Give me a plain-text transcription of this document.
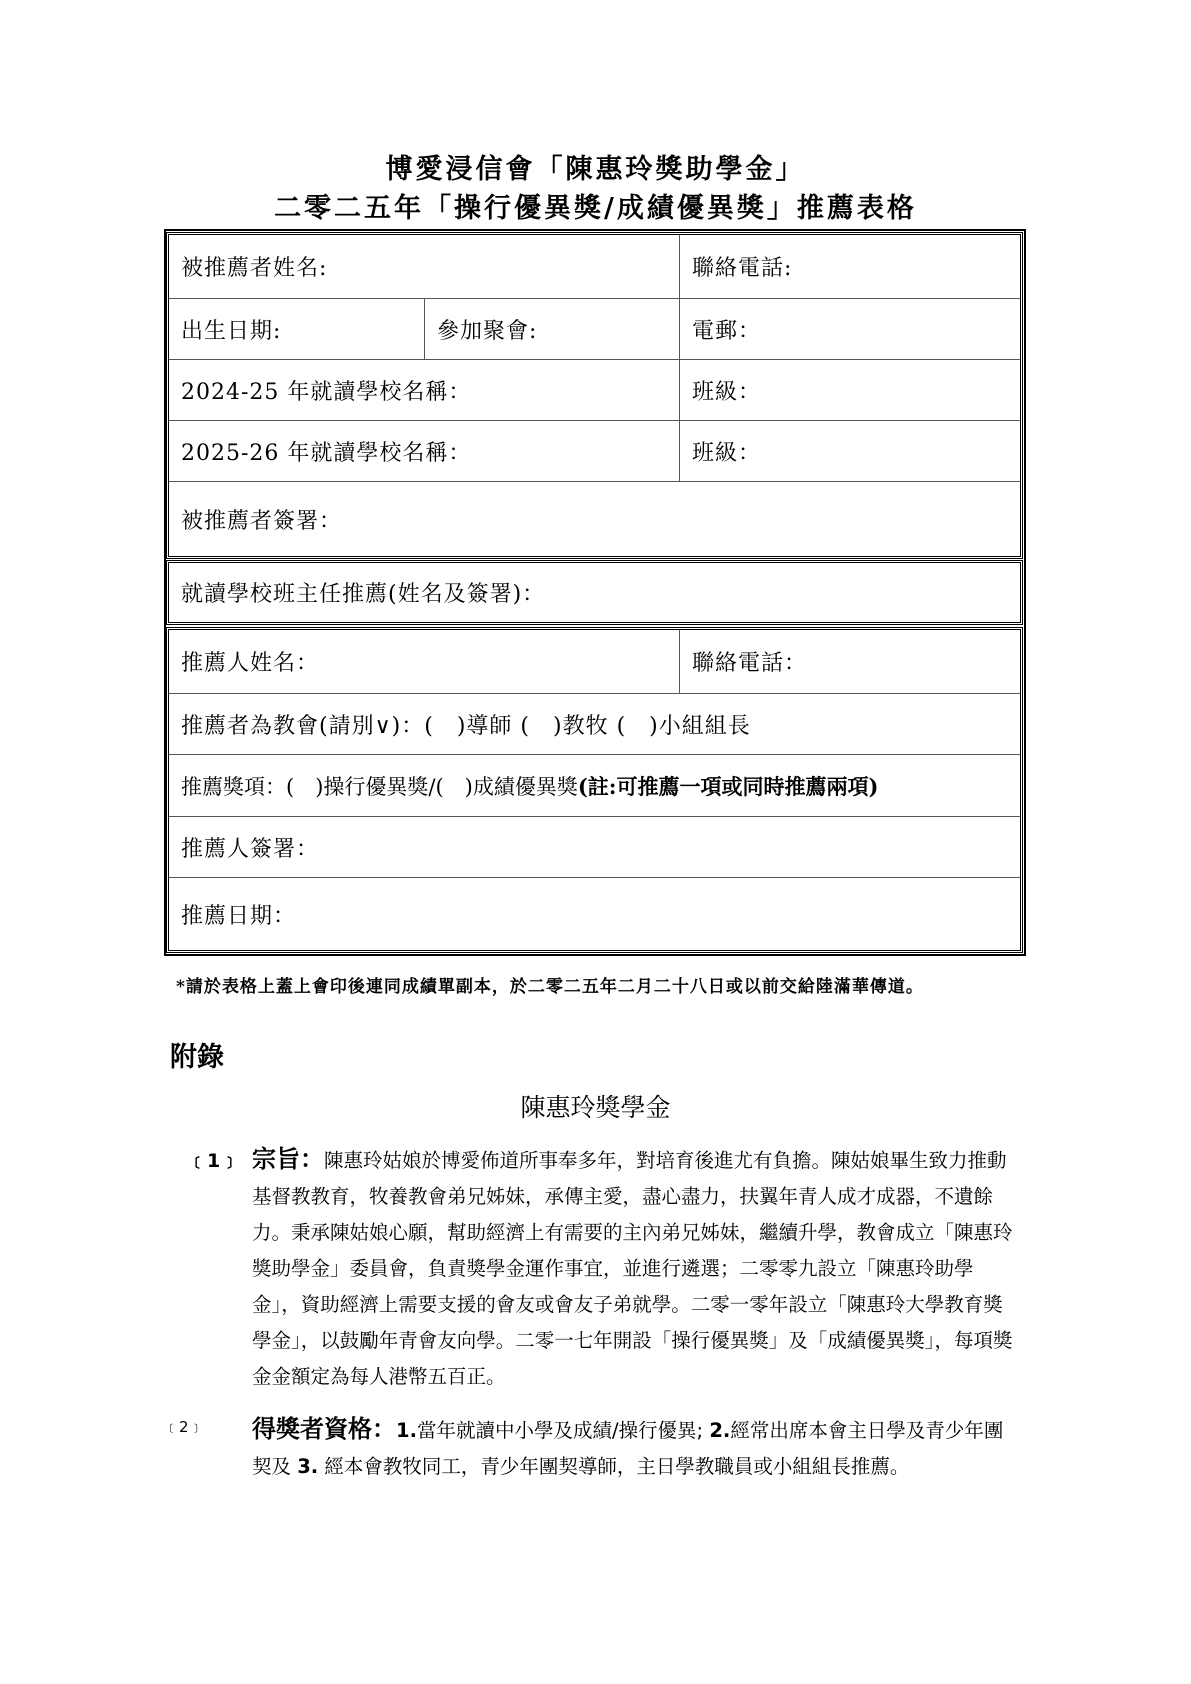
博愛浸信會「陳惠玲獎助學金」
二零二五年「操行優異獎/成績優異獎」推薦表格
被推薦者姓名:	聯絡電話:
出生日期:	參加聚會:	電郵：
2024-25 年就讀學校名稱：	班級：
2025-26 年就讀學校名稱：	班級：
被推薦者簽署：
就讀學校班主任推薦(姓名及簽署)：
推薦人姓名：	聯絡電話：
推薦者為教會(請別∨)：(　)導師 (　)教牧 (　)小組組長
推薦獎項：(　)操行優異獎/(　)成績優異獎 (註:可推薦一項或同時推薦兩項)
推薦人簽署：
推薦日期：
*請於表格上蓋上會印後連同成績單副本，於二零二五年二月二十八日或以前交給陸滿華傳道。
附錄
陳惠玲獎學金
﹝1﹞ 宗旨：陳惠玲姑娘於博愛佈道所事奉多年，對培育後進尤有負擔。陳姑娘畢生致力推動基督教教育，牧養教會弟兄姊妹，承傳主愛，盡心盡力，扶翼年青人成才成器，不遺餘力。秉承陳姑娘心願，幫助經濟上有需要的主內弟兄姊妹，繼續升學，教會成立「陳惠玲獎助學金」委員會，負責獎學金運作事宜，並進行遴選；二零零九設立「陳惠玲助學金」，資助經濟上需要支援的會友或會友子弟就學。二零一零年設立「陳惠玲大學教育獎學金」，以鼓勵年青會友向學。二零一七年開設「操行優異獎」及「成績優異獎」，每項獎金金額定為每人港幣五百正。
﹝2﹞ 得獎者資格：1.當年就讀中小學及成績/操行優異; 2.經常出席本會主日學及青少年團契及 3. 經本會教牧同工，青少年團契導師，主日學教職員或小組組長推薦。
